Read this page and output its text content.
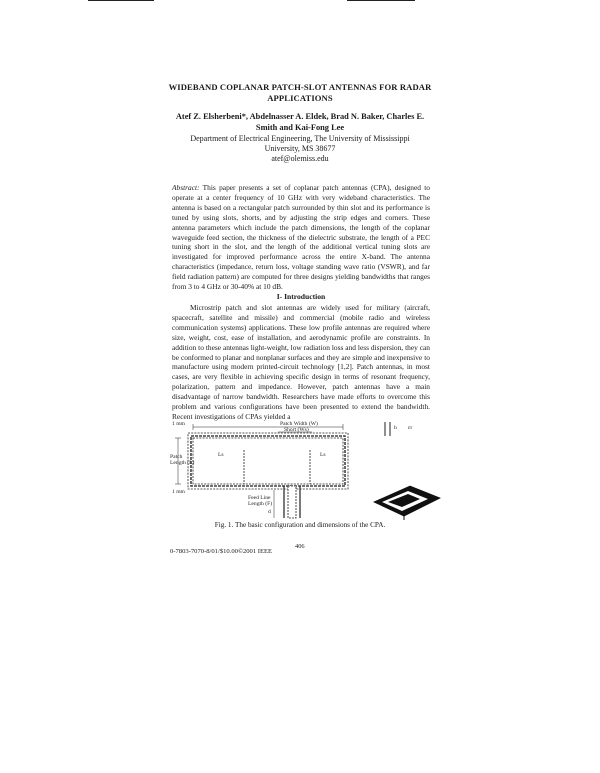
WIDEBAND COPLANAR PATCH-SLOT ANTENNAS FOR RADAR
APPLICATIONS
Atef Z. Elsherbeni*, Abdelnasser A. Eldek, Brad N. Baker, Charles E.
Smith and Kai-Fong Lee
Department of Electrical Engineering, The University of Mississippi
University, MS 38677
atef@olemiss.edu
Abstract: This paper presents a set of coplanar patch antennas (CPA), designed to operate at a center frequency of 10 GHz with very wideband characteristics. The antenna is based on a rectangular patch surrounded by thin slot and its performance is tuned by using slots, shorts, and by adjusting the strip edges and corners. These antenna parameters which include the patch dimensions, the length of the coplanar waveguide feed section, the thickness of the dielectric substrate, the length of a PEC tuning short in the slot, and the length of the additional vertical tuning slots are investigated for improved performance across the entire X-band. The antenna characteristics (impedance, return loss, voltage standing wave ratio (VSWR), and far field radiation pattern) are computed for three designs yielding bandwidths that ranges from 3 to 4 GHz or 30-40% at 10 dB.
I- Introduction
Microstrip patch and slot antennas are widely used for military (aircraft, spacecraft, satellite and missile) and commercial (mobile radio and wireless communication systems) applications. These low profile antennas are required where size, weight, cost, ease of installation, and aerodynamic profile are constraints. In addition to these antennas light-weight, low radiation loss and less dispersion, they can be conformed to planar and nonplanar surfaces and they are simple and inexpensive to manufacture using modern printed-circuit technology [1,2]. Patch antennas, in most cases, are very flexible in achieving specific design in terms of resonant frequency, polarization, pattern and impedance. However, patch antennas have a main disadvantage of narrow bandwidth. Researchers have made efforts to overcome this problem and various configurations have been presented to extend the bandwidth. Recent investigations of CPAs yielded a
1 mm	Patch Width (W)
Short (Ws)	h εr
Patch
Length (L)
Ls	Ls
1 mm
Feed Line
Length (F)
d
Fig. 1. The basic configuration and dimensions of the CPA.
406
0-7803-7070-8/01/$10.00©2001 IEEE
